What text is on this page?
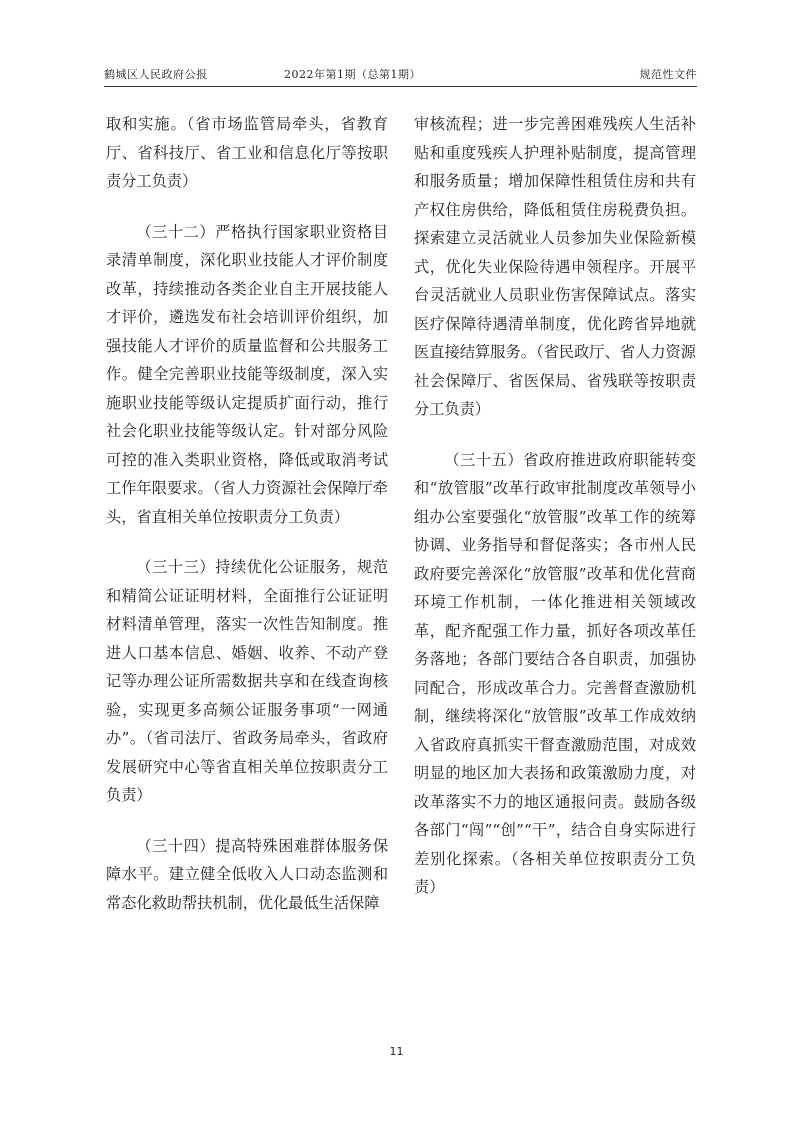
鹤城区人民政府公报	2022年第1期（总第1期）	规范性文件

取和实施。（省市场监管局牵头，省教育厅、省科技厅、省工业和信息化厅等按职责分工负责）

（三十二）严格执行国家职业资格目录清单制度，深化职业技能人才评价制度改革，持续推动各类企业自主开展技能人才评价，遴选发布社会培训评价组织，加强技能人才评价的质量监督和公共服务工作。健全完善职业技能等级制度，深入实施职业技能等级认定提质扩面行动，推行社会化职业技能等级认定。针对部分风险可控的准入类职业资格，降低或取消考试工作年限要求。（省人力资源社会保障厅牵头，省直相关单位按职责分工负责）

（三十三）持续优化公证服务，规范和精简公证证明材料，全面推行公证证明材料清单管理，落实一次性告知制度。推进人口基本信息、婚姻、收养、不动产登记等办理公证所需数据共享和在线查询核验，实现更多高频公证服务事项“一网通办”。（省司法厅、省政务局牵头，省政府发展研究中心等省直相关单位按职责分工负责）

（三十四）提高特殊困难群体服务保障水平。建立健全低收入人口动态监测和常态化救助帮扶机制，优化最低生活保障

审核流程；进一步完善困难残疾人生活补贴和重度残疾人护理补贴制度，提高管理和服务质量；增加保障性租赁住房和共有产权住房供给，降低租赁住房税费负担。探索建立灵活就业人员参加失业保险新模式，优化失业保险待遇申领程序。开展平台灵活就业人员职业伤害保障试点。落实医疗保障待遇清单制度，优化跨省异地就医直接结算服务。（省民政厅、省人力资源社会保障厅、省医保局、省残联等按职责分工负责）

（三十五）省政府推进政府职能转变和“放管服”改革行政审批制度改革领导小组办公室要强化“放管服”改革工作的统筹协调、业务指导和督促落实；各市州人民政府要完善深化“放管服”改革和优化营商环境工作机制，一体化推进相关领域改革，配齐配强工作力量，抓好各项改革任务落地；各部门要结合各自职责，加强协同配合，形成改革合力。完善督查激励机制，继续将深化“放管服”改革工作成效纳入省政府真抓实干督查激励范围，对成效明显的地区加大表扬和政策激励力度，对改革落实不力的地区通报问责。鼓励各级各部门“闯”“创”“干”，结合自身实际进行差别化探索。（各相关单位按职责分工负责）

11
